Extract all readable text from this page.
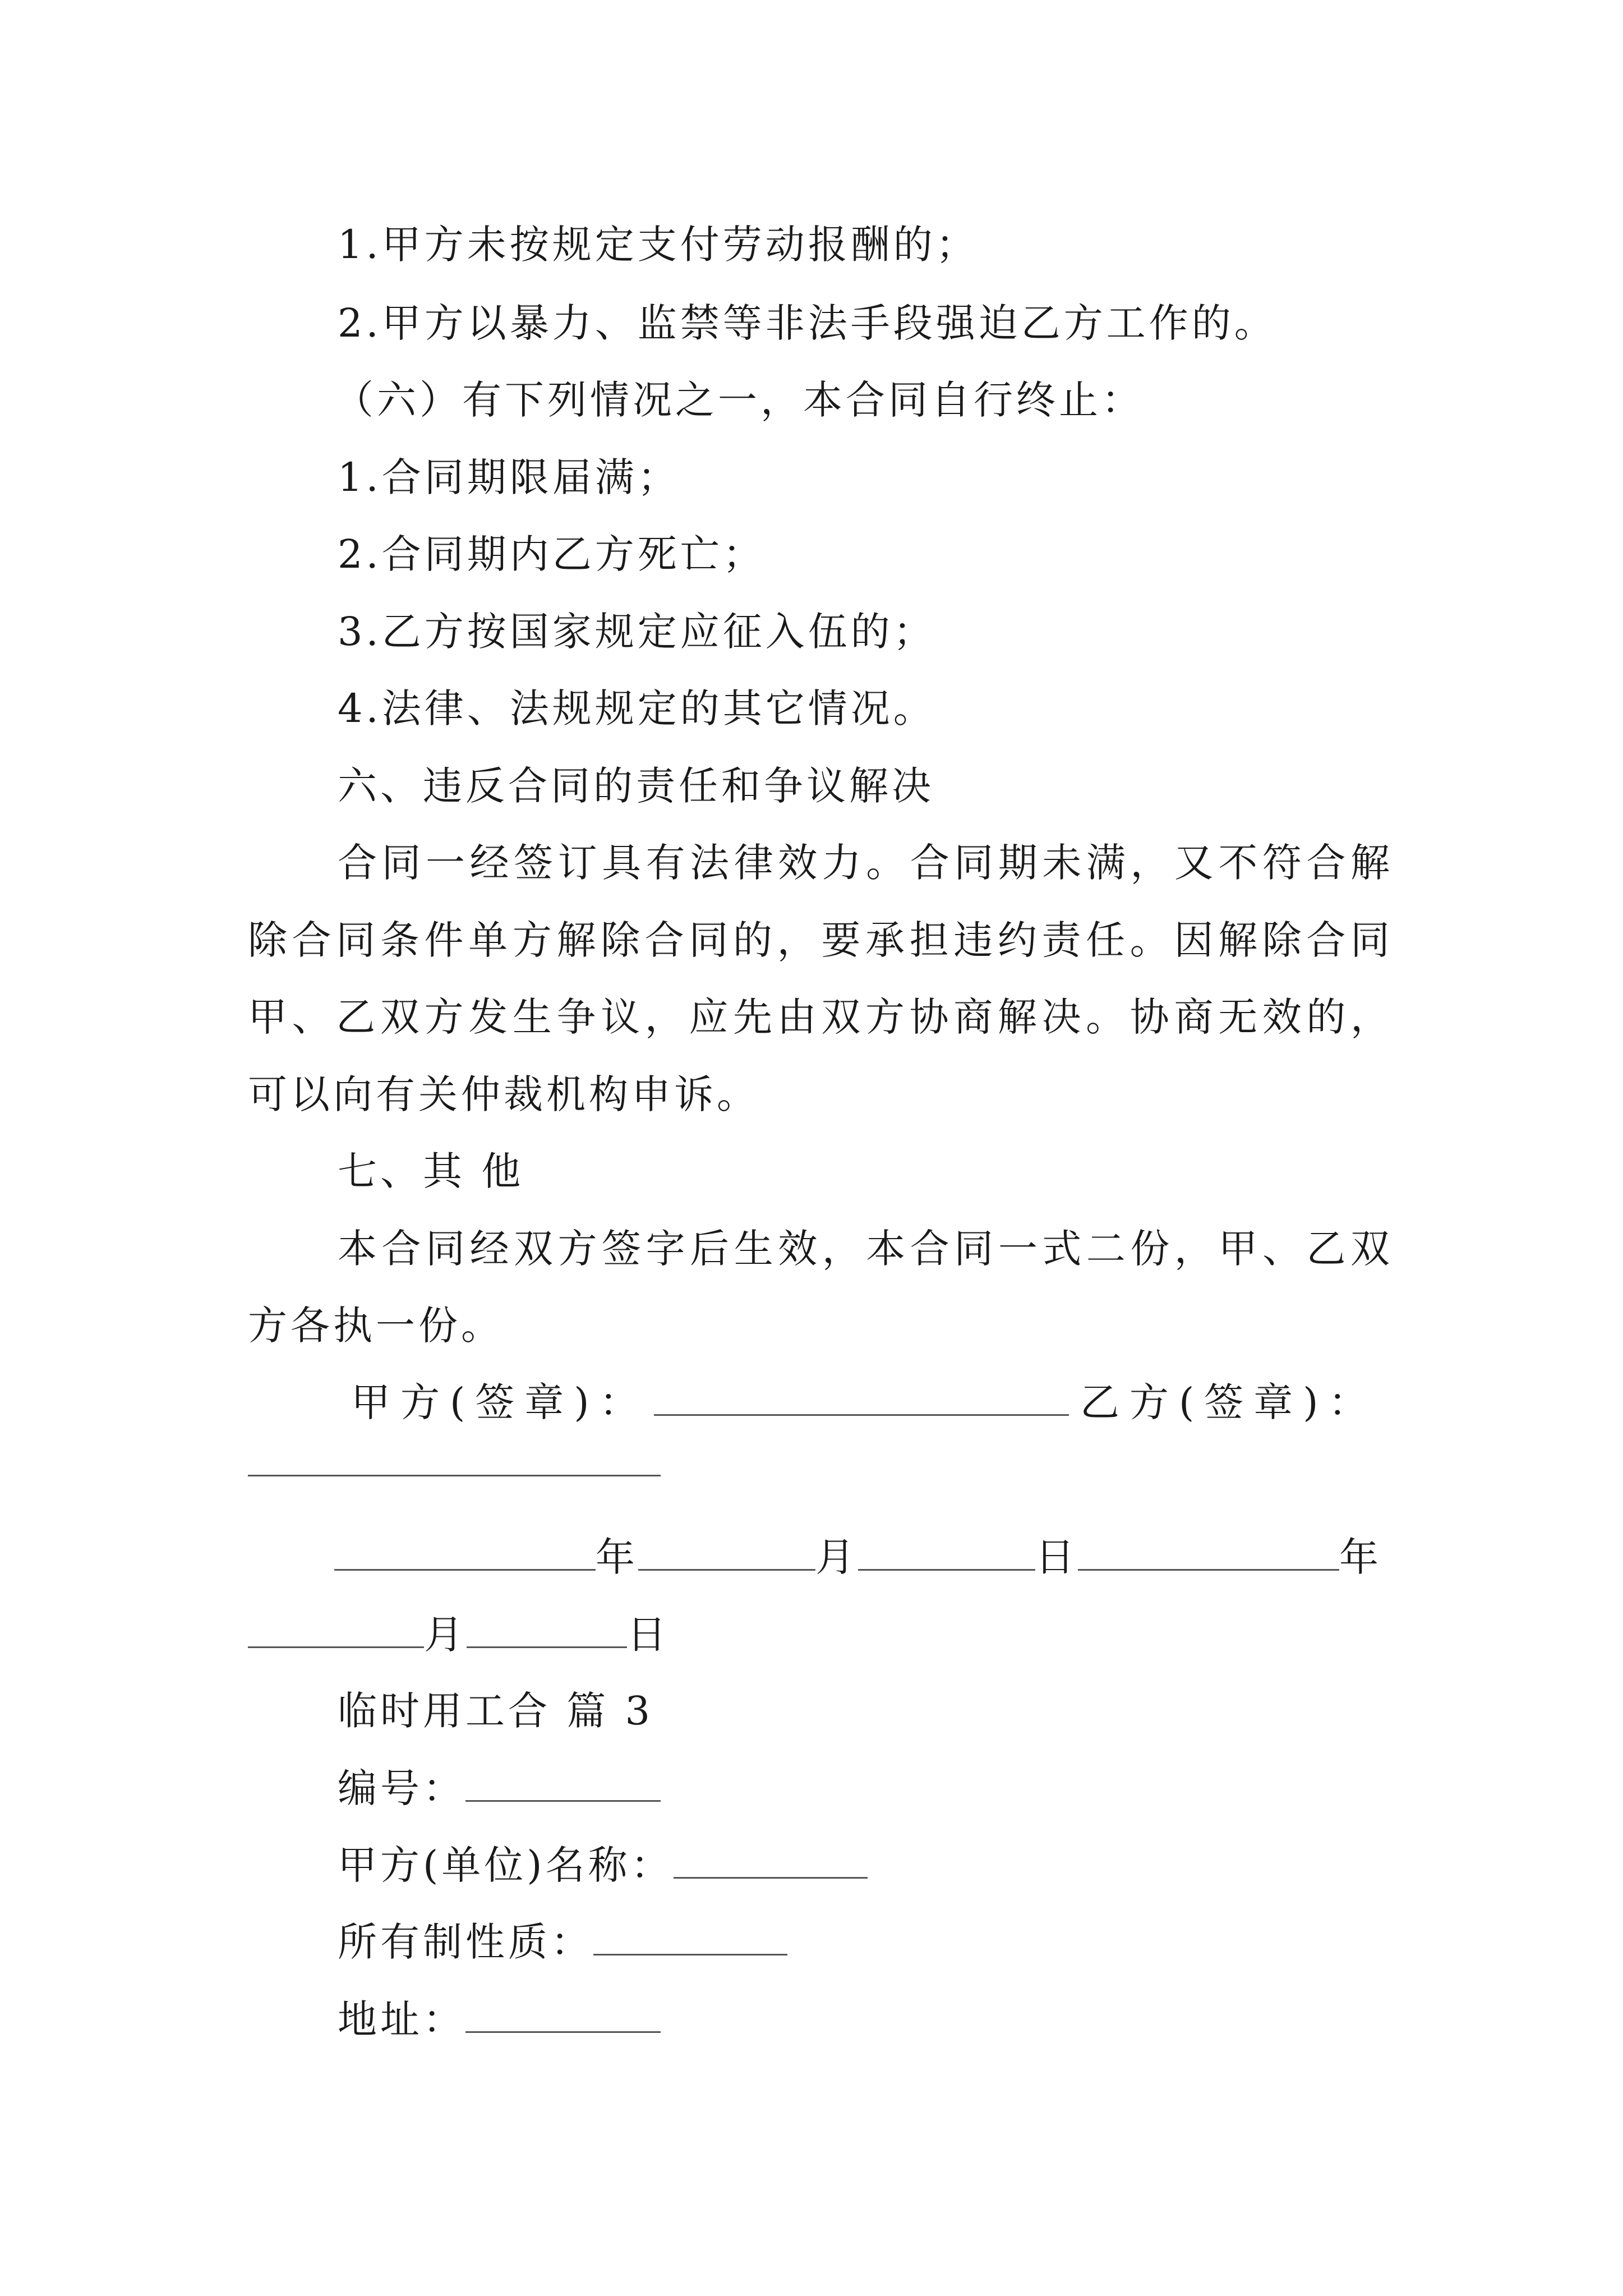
1.甲方未按规定支付劳动报酬的；
2.甲方以暴力、监禁等非法手段强迫乙方工作的。
（六）有下列情况之一，本合同自行终止：
1.合同期限届满；
2.合同期内乙方死亡；
3.乙方按国家规定应征入伍的；
4.法律、法规规定的其它情况。
六、违反合同的责任和争议解决
合同一经签订具有法律效力。合同期未满，又不符合解
除合同条件单方解除合同的，要承担违约责任。因解除合同
甲、乙双方发生争议，应先由双方协商解决。协商无效的，
可以向有关仲裁机构申诉。
七、其 他
本合同经双方签字后生效，本合同一式二份，甲、乙双
方各执一份。
甲方(签章)：	乙方(签章)：
年	月	日	年
月	日
临时用工合 篇 3
编号：
甲方(单位)名称：
所有制性质：
地址：
